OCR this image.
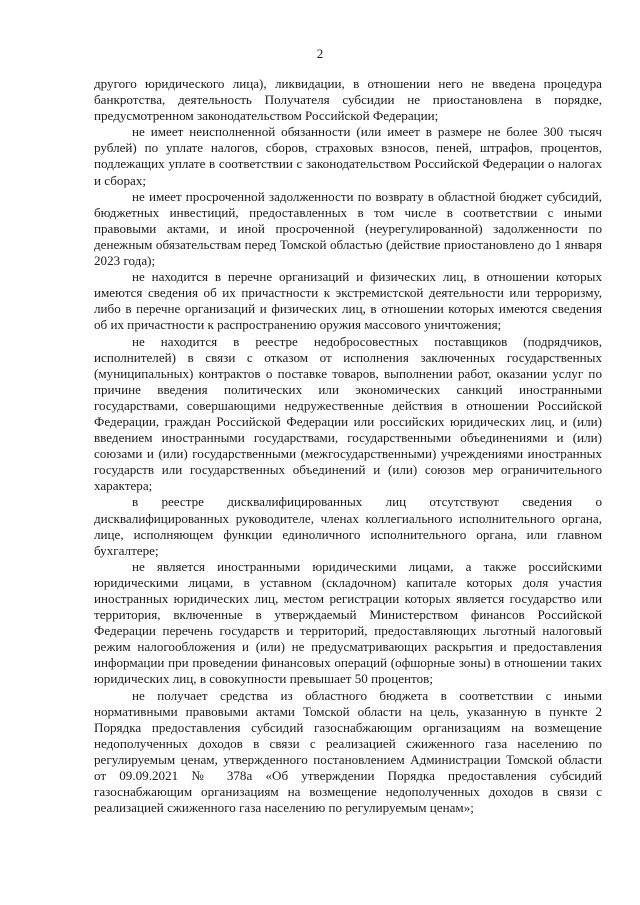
2

другого юридического лица), ликвидации, в отношении него не введена процедура банкротства, деятельность Получателя субсидии не приостановлена в порядке, предусмотренном законодательством Российской Федерации;

не имеет неисполненной обязанности (или имеет в размере не более 300 тысяч рублей) по уплате налогов, сборов, страховых взносов, пеней, штрафов, процентов, подлежащих уплате в соответствии с законодательством Российской Федерации о налогах и сборах;

не имеет просроченной задолженности по возврату в областной бюджет субсидий, бюджетных инвестиций, предоставленных в том числе в соответствии с иными правовыми актами, и иной просроченной (неурегулированной) задолженности по денежным обязательствам перед Томской областью (действие приостановлено до 1 января 2023 года);

не находится в перечне организаций и физических лиц, в отношении которых имеются сведения об их причастности к экстремистской деятельности или терроризму, либо в перечне организаций и физических лиц, в отношении которых имеются сведения об их причастности к распространению оружия массового уничтожения;

не находится в реестре недобросовестных поставщиков (подрядчиков, исполнителей) в связи с отказом от исполнения заключенных государственных (муниципальных) контрактов о поставке товаров, выполнении работ, оказании услуг по причине введения политических или экономических санкций иностранными государствами, совершающими недружественные действия в отношении Российской Федерации, граждан Российской Федерации или российских юридических лиц, и (или) введением иностранными государствами, государственными объединениями и (или) союзами и (или) государственными (межгосударственными) учреждениями иностранных государств или государственных объединений и (или) союзов мер ограничительного характера;

в реестре дисквалифицированных лиц отсутствуют сведения о дисквалифицированных руководителе, членах коллегиального исполнительного органа, лице, исполняющем функции единоличного исполнительного органа, или главном бухгалтере;

не является иностранными юридическими лицами, а также российскими юридическими лицами, в уставном (складочном) капитале которых доля участия иностранных юридических лиц, местом регистрации которых является государство или территория, включенные в утверждаемый Министерством финансов Российской Федерации перечень государств и территорий, предоставляющих льготный налоговый режим налогообложения и (или) не предусматривающих раскрытия и предоставления информации при проведении финансовых операций (офшорные зоны) в отношении таких юридических лиц, в совокупности превышает 50 процентов;

не получает средства из областного бюджета в соответствии с иными нормативными правовыми актами Томской области на цель, указанную в пункте 2 Порядка предоставления субсидий газоснабжающим организациям на возмещение недополученных доходов в связи с реализацией сжиженного газа населению по регулируемым ценам, утвержденного постановлением Администрации Томской области от 09.09.2021 № 378а «Об утверждении Порядка предоставления субсидий газоснабжающим организациям на возмещение недополученных доходов в связи с реализацией сжиженного газа населению по регулируемым ценам»;
